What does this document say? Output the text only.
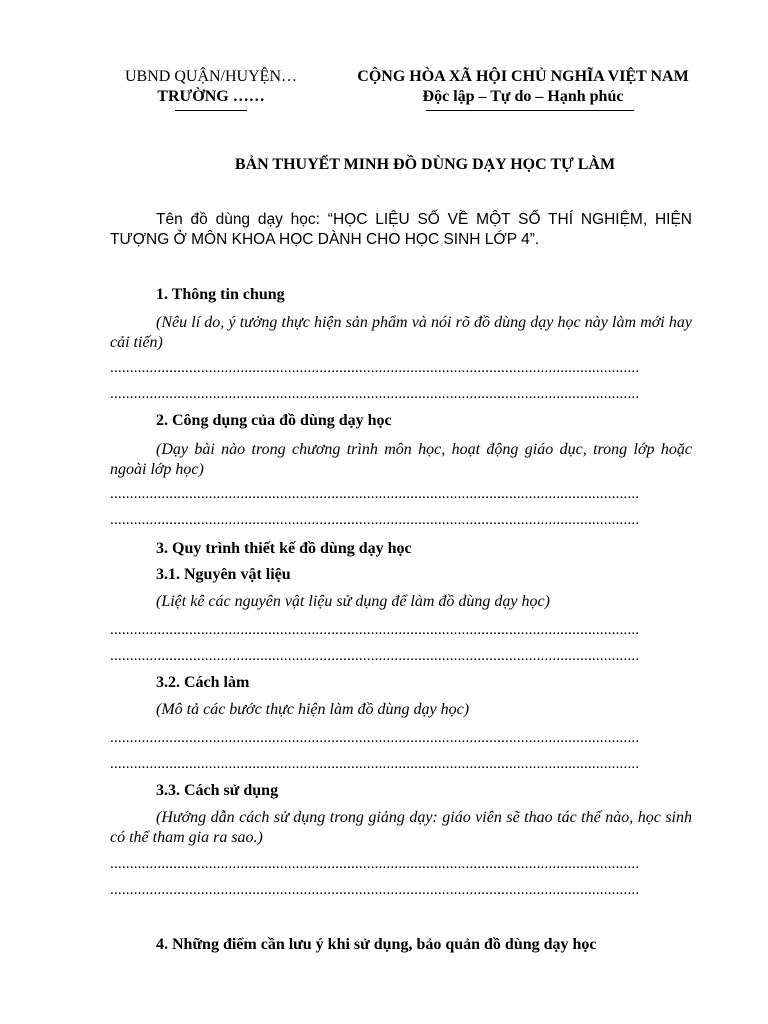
UBND QUẬN/HUYỆN…
TRƯỜNG ……
CỘNG HÒA XÃ HỘI CHỦ NGHĨA VIỆT NAM
Độc lập – Tự do – Hạnh phúc
BẢN THUYẾT MINH ĐỒ DÙNG DẠY HỌC TỰ LÀM
Tên đồ dùng dạy học: “HỌC LIỆU SỐ VỀ MỘT SỐ THÍ NGHIỆM, HIỆN TƯỢNG Ở MÔN KHOA HỌC DÀNH CHO HỌC SINH LỚP 4”.
1. Thông tin chung
(Nêu lí do, ý tưởng thực hiện sản phẩm và nói rõ đồ dùng dạy học này làm mới hay cải tiến)
......................................................................................................................................
......................................................................................................................................
2. Công dụng của đồ dùng dạy học
(Dạy bài nào trong chương trình môn học, hoạt động giáo dục, trong lớp hoặc ngoài lớp học)
......................................................................................................................................
......................................................................................................................................
3. Quy trình thiết kế đồ dùng dạy học
3.1. Nguyên vật liệu
(Liệt kê các nguyên vật liệu sử dụng để làm đồ dùng dạy học)
......................................................................................................................................
......................................................................................................................................
3.2. Cách làm
(Mô tả các bước thực hiện làm đồ dùng dạy học)
......................................................................................................................................
......................................................................................................................................
3.3. Cách sử dụng
(Hướng dẫn cách sử dụng trong giảng dạy: giáo viên sẽ thao tác thế nào, học sinh có thể tham gia ra sao.)
......................................................................................................................................
......................................................................................................................................
4. Những điểm cần lưu ý khi sử dụng, bảo quản đồ dùng dạy học
